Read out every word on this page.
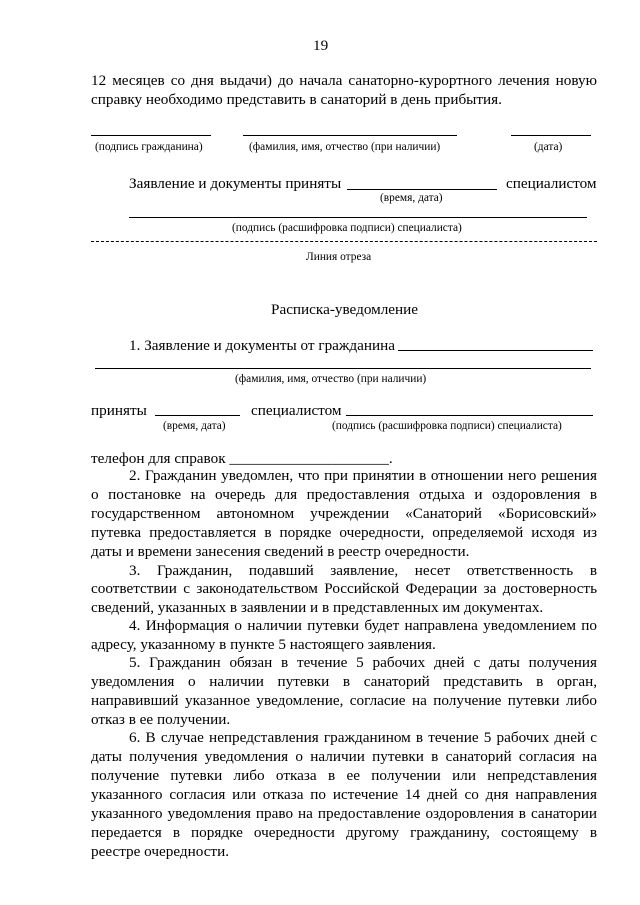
19
12 месяцев со дня выдачи) до начала санаторно-курортного лечения новую
справку необходимо представить в санаторий в день прибытия.
(подпись гражданина)	(фамилия, имя, отчество (при наличии)	(дата)
Заявление и документы приняты	специалистом
(время, дата)
(подпись (расшифровка подписи) специалиста)
Линия отреза
Расписка-уведомление
1. Заявление и документы от гражданина
(фамилия, имя, отчество (при наличии)
приняты	специалистом
(время, дата)	(подпись (расшифровка подписи) специалиста)
телефон для справок _____________________.
2. Гражданин уведомлен, что при принятии в отношении него решения
о постановке на очередь для предоставления отдыха и оздоровления в
государственном автономном учреждении «Санаторий «Борисовский»
путевка предоставляется в порядке очередности, определяемой исходя из
даты и времени занесения сведений в реестр очередности.
3. Гражданин, подавший заявление, несет ответственность в
соответствии с законодательством Российской Федерации за достоверность
сведений, указанных в заявлении и в представленных им документах.
4. Информация о наличии путевки будет направлена уведомлением по
адресу, указанному в пункте 5 настоящего заявления.
5. Гражданин обязан в течение 5 рабочих дней с даты получения
уведомления о наличии путевки в санаторий представить в орган,
направивший указанное уведомление, согласие на получение путевки либо
отказ в ее получении.
6. В случае непредставления гражданином в течение 5 рабочих дней с
даты получения уведомления о наличии путевки в санаторий согласия на
получение путевки либо отказа в ее получении или непредставления
указанного согласия или отказа по истечение 14 дней со дня направления
указанного уведомления право на предоставление оздоровления в санатории
передается в порядке очередности другому гражданину, состоящему в
реестре очередности.
